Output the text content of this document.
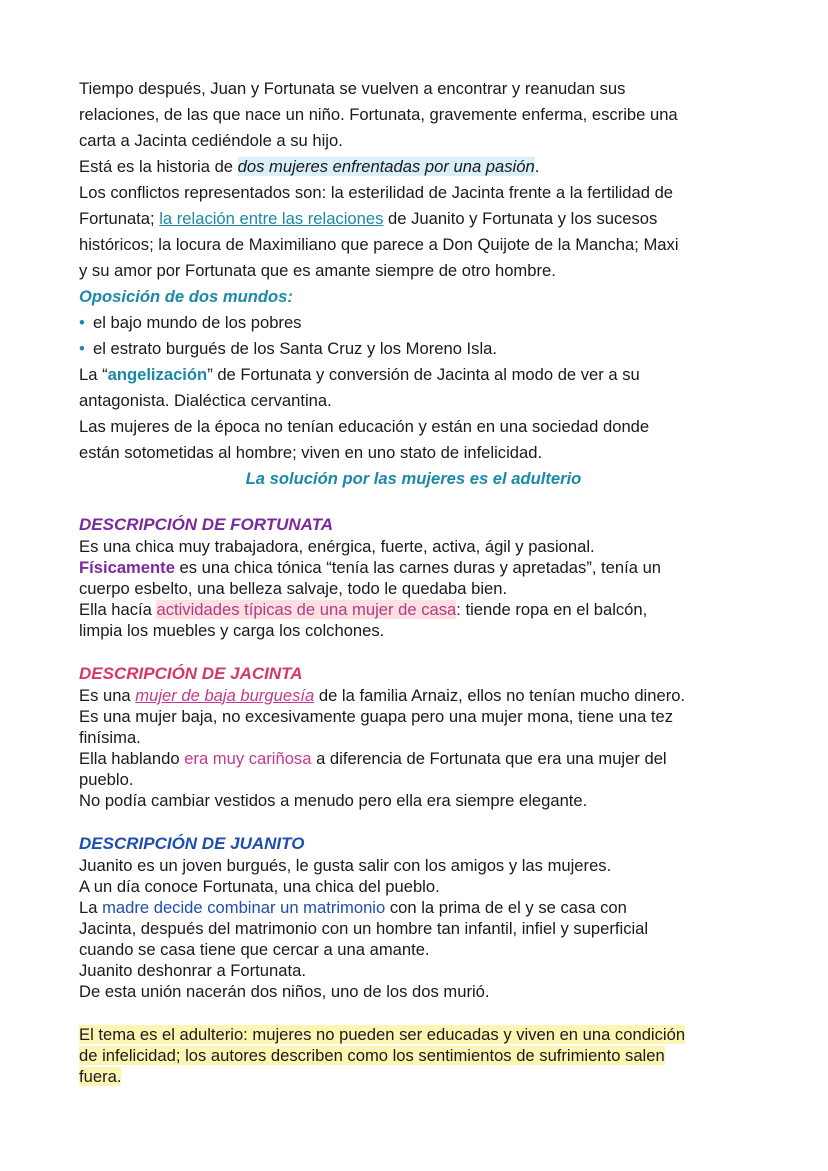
Tiempo después, Juan y Fortunata se vuelven a encontrar y reanudan sus

relaciones, de las que nace un niño. Fortunata, gravemente enferma, escribe una

carta a Jacinta cediéndole a su hijo.

Está es la historia de dos mujeres enfrentadas por una pasión.

Los conflictos representados son: la esterilidad de Jacinta frente a la fertilidad de

Fortunata; la relación entre las relaciones de Juanito y Fortunata y los sucesos

históricos; la locura de Maximiliano que parece a Don Quijote de la Mancha; Maxi

y su amor por Fortunata que es amante siempre de otro hombre.

Oposición de dos mundos:

• el bajo mundo de los pobres
• el estrato burgués de los Santa Cruz y los Moreno Isla.

La “angelización” de Fortunata y conversión de Jacinta al modo de ver a su

antagonista. Dialéctica cervantina.

Las mujeres de la época no tenían educación y están en una sociedad donde

están sotometidas al hombre; viven en uno stato de infelicidad.

La solución por las mujeres es el adulterio

DESCRIPCIÓN DE FORTUNATA

Es una chica muy trabajadora, enérgica, fuerte, activa, ágil y pasional.

Físicamente es una chica tónica “tenía las carnes duras y apretadas”, tenía un

cuerpo esbelto, una belleza salvaje, todo le quedaba bien.

Ella hacía actividades típicas de una mujer de casa: tiende ropa en el balcón,

limpia los muebles y carga los colchones.

DESCRIPCIÓN DE JACINTA

Es una mujer de baja burguesía de la familia Arnaiz, ellos no tenían mucho dinero.

Es una mujer baja, no excesivamente guapa pero una mujer mona, tiene una tez

finísima.

Ella hablando era muy cariñosa a diferencia de Fortunata que era una mujer del

pueblo.

No podía cambiar vestidos a menudo pero ella era siempre elegante.

DESCRIPCIÓN DE JUANITO

Juanito es un joven burgués, le gusta salir con los amigos y las mujeres.

A un día conoce Fortunata, una chica del pueblo.

La madre decide combinar un matrimonio con la prima de el y se casa con

Jacinta, después del matrimonio con un hombre tan infantil, infiel y superficial

cuando se casa tiene que cercar a una amante.

Juanito deshonrar a Fortunata.

De esta unión nacerán dos niños, uno de los dos murió.

El tema es el adulterio: mujeres no pueden ser educadas y viven en una condición

de infelicidad; los autores describen como los sentimientos de sufrimiento salen

fuera.
